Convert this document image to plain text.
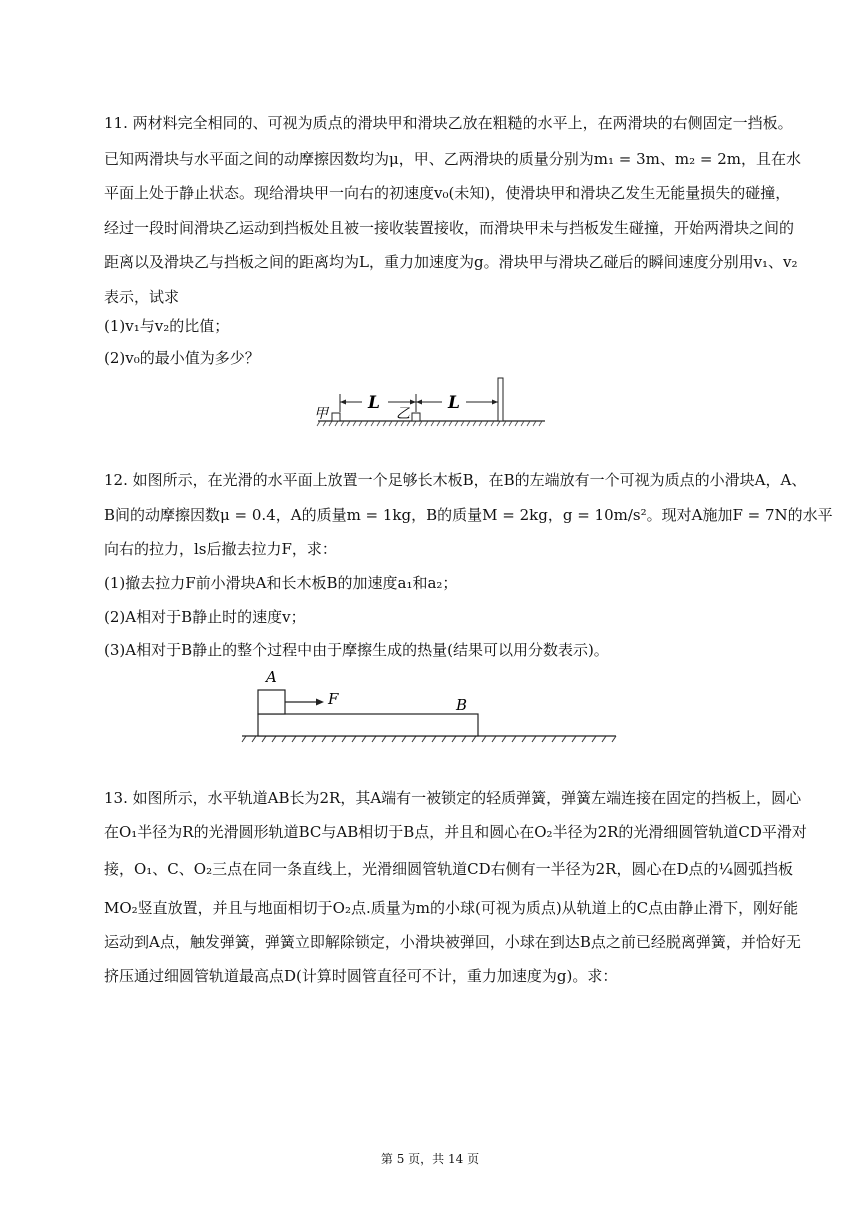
11. 两材料完全相同的、可视为质点的滑块甲和滑块乙放在粗糙的水平上，在两滑块的右侧固定一挡板。
已知两滑块与水平面之间的动摩擦因数均为μ，甲、乙两滑块的质量分别为m₁ = 3m、m₂ = 2m，且在水
平面上处于静止状态。现给滑块甲一向右的初速度v₀(未知)，使滑块甲和滑块乙发生无能量损失的碰撞，
经过一段时间滑块乙运动到挡板处且被一接收装置接收，而滑块甲未与挡板发生碰撞，开始两滑块之间的
距离以及滑块乙与挡板之间的距离均为L，重力加速度为g。滑块甲与滑块乙碰后的瞬间速度分别用v₁、v₂
表示，试求
(1)v₁与v₂的比值；
(2)v₀的最小值为多少？
甲	乙
L	L
12. 如图所示，在光滑的水平面上放置一个足够长木板B，在B的左端放有一个可视为质点的小滑块A，A、
B间的动摩擦因数μ = 0.4，A的质量m = 1kg，B的质量M = 2kg，g = 10m/s²。现对A施加F = 7N的水平
向右的拉力，ls后撤去拉力F，求：
(1)撤去拉力F前小滑块A和长木板B的加速度a₁和a₂；
(2)A相对于B静止时的速度v；
(3)A相对于B静止的整个过程中由于摩擦生成的热量(结果可以用分数表示)。
A
F	B
13. 如图所示，水平轨道AB长为2R，其A端有一被锁定的轻质弹簧，弹簧左端连接在固定的挡板上，圆心
在O₁半径为R的光滑圆形轨道BC与AB相切于B点，并且和圆心在O₂半径为2R的光滑细圆管轨道CD平滑对
接，O₁、C、O₂三点在同一条直线上，光滑细圆管轨道CD右侧有一半径为2R，圆心在D点的¼圆弧挡板
MO₂竖直放置，并且与地面相切于O₂点.质量为m的小球(可视为质点)从轨道上的C点由静止滑下，刚好能
运动到A点，触发弹簧，弹簧立即解除锁定，小滑块被弹回，小球在到达B点之前已经脱离弹簧，并恰好无
挤压通过细圆管轨道最高点D(计算时圆管直径可不计，重力加速度为g)。求：
第 5 页，共 14 页
